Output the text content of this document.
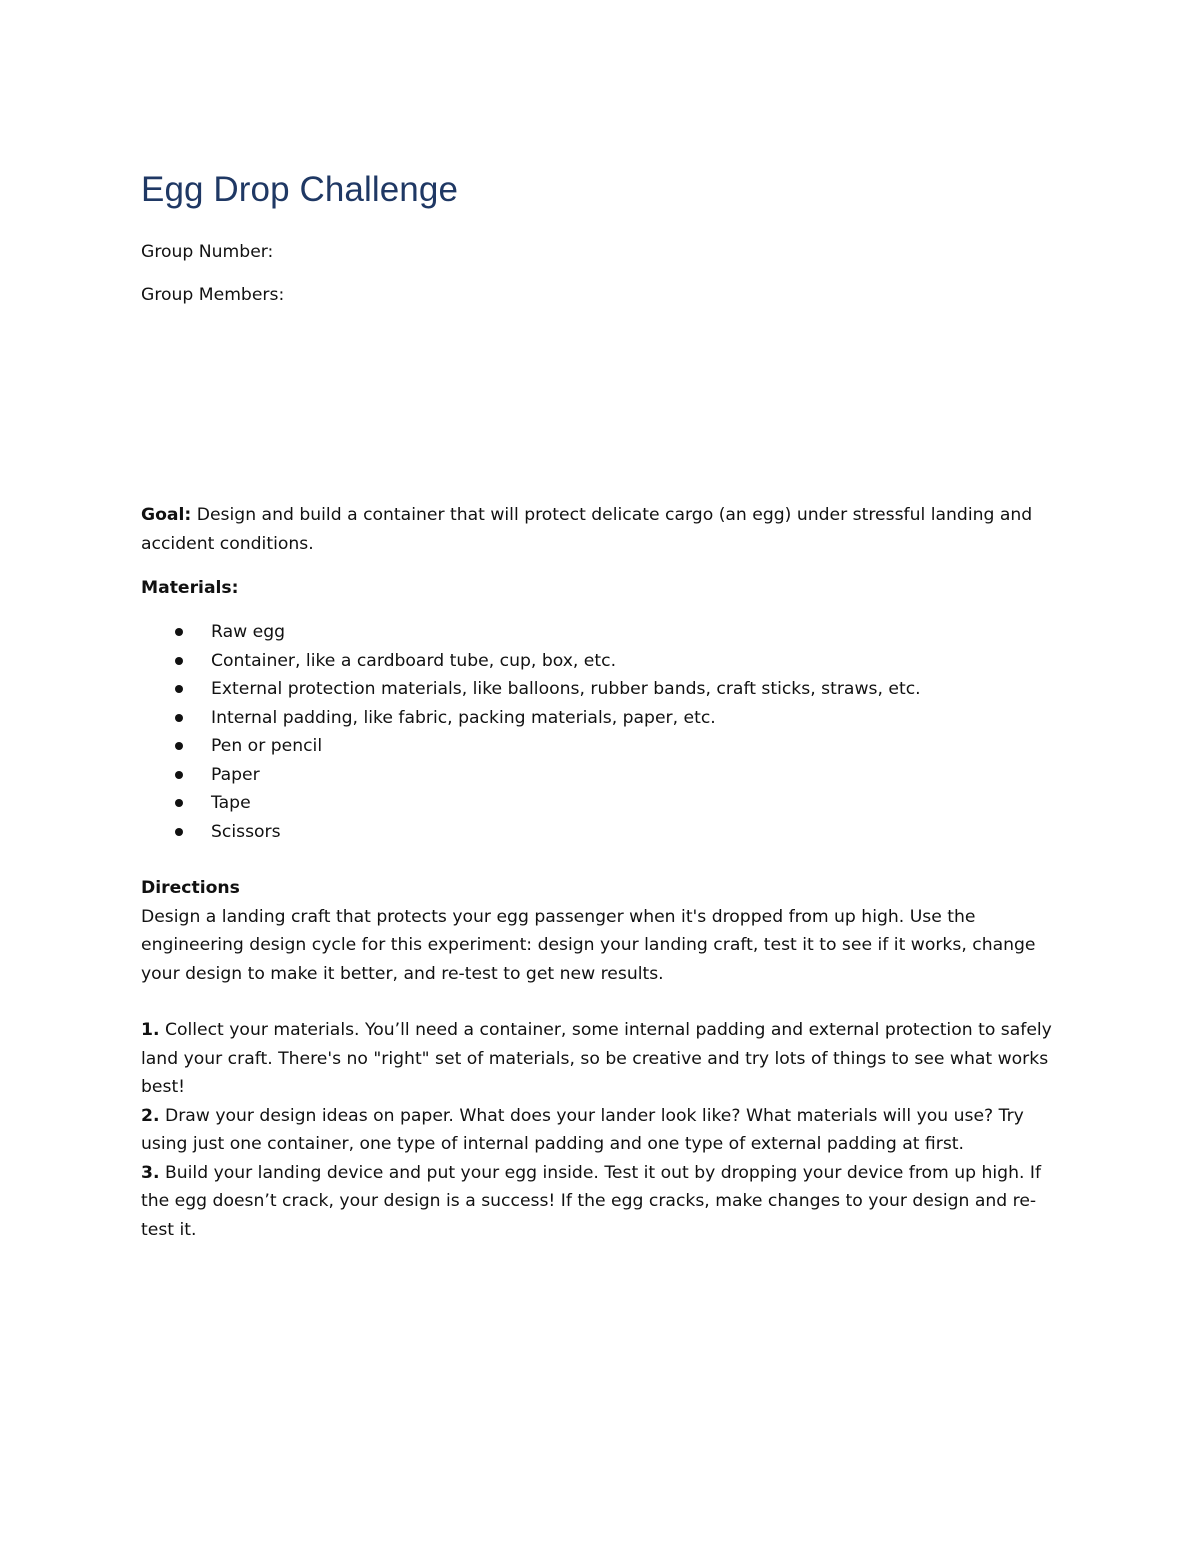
Egg Drop Challenge
Group Number:
Group Members:
Goal: Design and build a container that will protect delicate cargo (an egg) under stressful landing and accident conditions.
Materials:
Raw egg
Container, like a cardboard tube, cup, box, etc.
External protection materials, like balloons, rubber bands, craft sticks, straws, etc.
Internal padding, like fabric, packing materials, paper, etc.
Pen or pencil
Paper
Tape
Scissors

Directions

Design a landing craft that protects your egg passenger when it's dropped from up high. Use the engineering design cycle for this experiment: design your landing craft, test it to see if it works, change your design to make it better, and re-test to get new results.

1. Collect your materials. You’ll need a container, some internal padding and external protection to safely land your craft. There's no "right" set of materials, so be creative and try lots of things to see what works best!

2. Draw your design ideas on paper. What does your lander look like? What materials will you use? Try using just one container, one type of internal padding and one type of external padding at first.

3. Build your landing device and put your egg inside. Test it out by dropping your device from up high. If the egg doesn’t crack, your design is a success! If the egg cracks, make changes to your design and re-test it.
